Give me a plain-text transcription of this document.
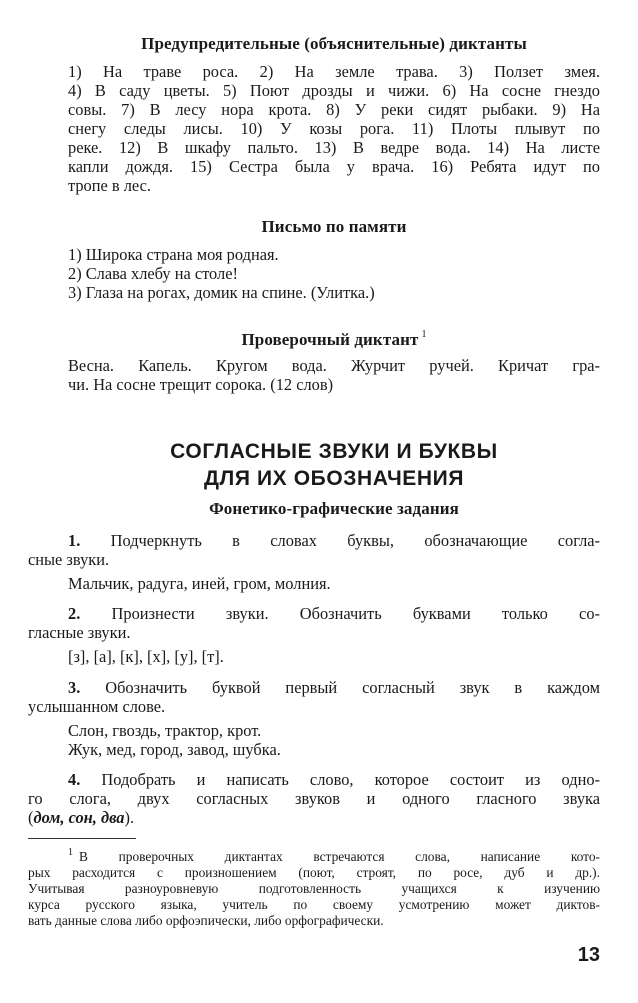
Предупредительные (объяснительные) диктанты
1) На траве роса. 2) На земле трава. 3) Ползет змея.
4) В саду цветы. 5) Поют дрозды и чижи. 6) На сосне гнездо
совы. 7) В лесу нора крота. 8) У реки сидят рыбаки. 9) На
снегу следы лисы. 10) У козы рога. 11) Плоты плывут по
реке. 12) В шкафу пальто. 13) В ведре вода. 14) На листе
капли дождя. 15) Сестра была у врача. 16) Ребята идут по
тропе в лес.
Письмо по памяти
1) Широка страна моя родная.
2) Слава хлебу на столе!
3) Глаза на рогах, домик на спине. (Улитка.)
Проверочный диктант $^1$
Весна. Капель. Кругом вода. Журчит ручей. Кричат гра-
чи. На сосне трещит сорока. (12 слов)
СОГЛАСНЫЕ ЗВУКИ И БУКВЫ
ДЛЯ ИХ ОБОЗНАЧЕНИЯ
Фонетико-графические задания
1. Подчеркнуть в словах буквы, обозначающие согла-
сные звуки.
Мальчик, радуга, иней, гром, молния.
2. Произнести звуки. Обозначить буквами только со-
гласные звуки.
[з], [а], [к], [х], [у], [т].
3. Обозначить буквой первый согласный звук в каждом
услышанном слове.
Слон, гвоздь, трактор, крот.
Жук, мед, город, завод, шубка.
4. Подобрать и написать слово, которое состоит из одно-
го слога, двух согласных звуков и одного гласного звука
(дом, сон, два).
$^1$ В проверочных диктантах встречаются слова, написание кото-
рых расходится с произношением (поют, строят, по росе, дуб и др.).
Учитывая разноуровневую подготовленность учащихся к изучению
курса русского языка, учитель по своему усмотрению может диктов-
вать данные слова либо орфоэпически, либо орфографически.
13
